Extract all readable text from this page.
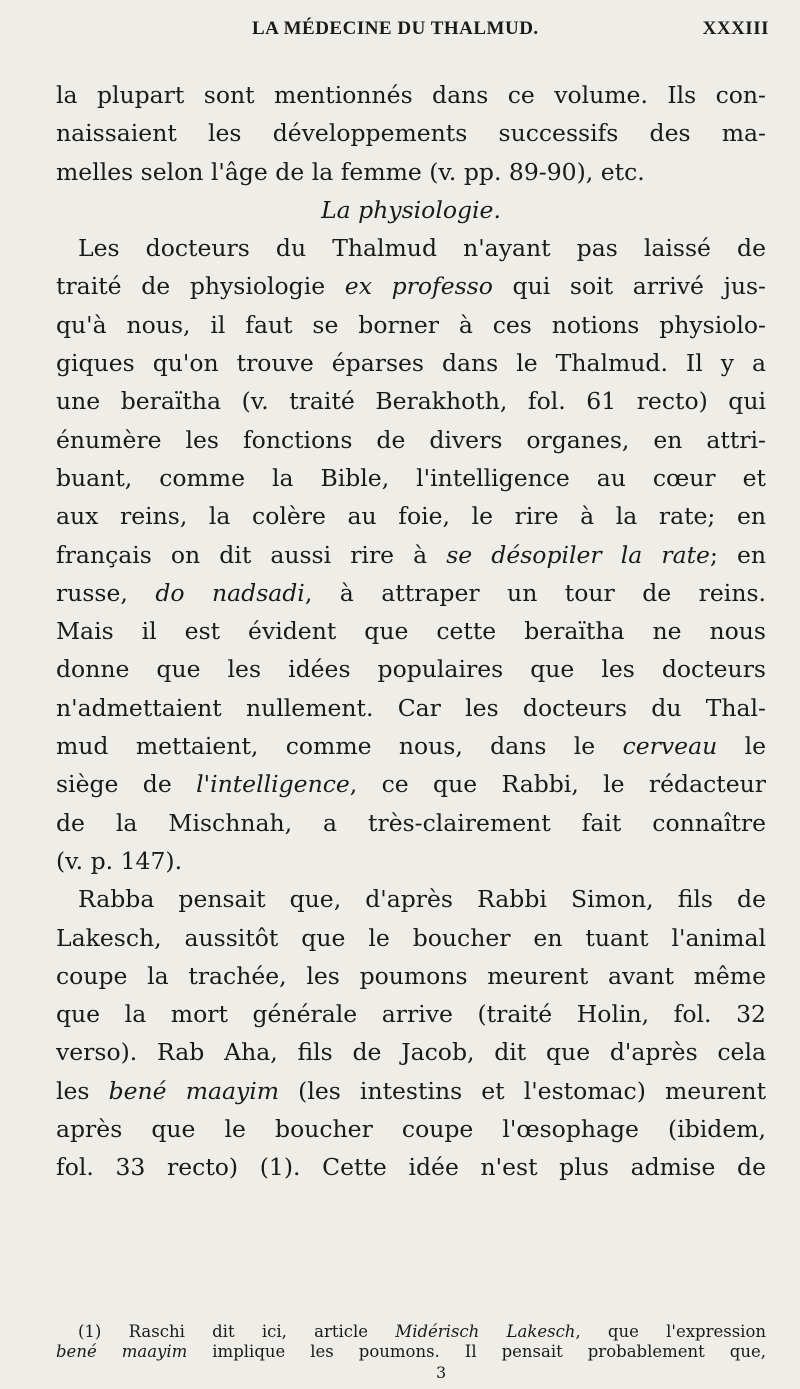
LA MÉDECINE DU THALMUD.	XXXIII
la plupart sont mentionnés dans ce volume. Ils con-
naissaient les développements successifs des ma-
melles selon l'âge de la femme (v. pp. 89-90), etc.
La physiologie.
Les docteurs du Thalmud n'ayant pas laissé de
traité de physiologie ex professo qui soit arrivé jus-
qu'à nous, il faut se borner à ces notions physiolo-
giques qu'on trouve éparses dans le Thalmud. Il y a
une beraïtha (v. traité Berakhoth, fol. 61 recto) qui
énumère les fonctions de divers organes, en attri-
buant, comme la Bible, l'intelligence au cœur et
aux reins, la colère au foie, le rire à la rate; en
français on dit aussi rire à se désopiler la rate; en
russe, do nadsadi, à attraper un tour de reins.
Mais il est évident que cette beraïtha ne nous
donne que les idées populaires que les docteurs
n'admettaient nullement. Car les docteurs du Thal-
mud mettaient, comme nous, dans le cerveau le
siège de l'intelligence, ce que Rabbi, le rédacteur
de la Mischnah, a très-clairement fait connaître
(v. p. 147).
Rabba pensait que, d'après Rabbi Simon, fils de
Lakesch, aussitôt que le boucher en tuant l'animal
coupe la trachée, les poumons meurent avant même
que la mort générale arrive (traité Holin, fol. 32
verso). Rab Aha, fils de Jacob, dit que d'après cela
les bené maayim (les intestins et l'estomac) meurent
après que le boucher coupe l'œsophage (ibidem,
fol. 33 recto) (1). Cette idée n'est plus admise de
(1) Raschi dit ici, article Midérisch Lakesch, que l'expression
bené maayim implique les poumons. Il pensait probablement que,
3
